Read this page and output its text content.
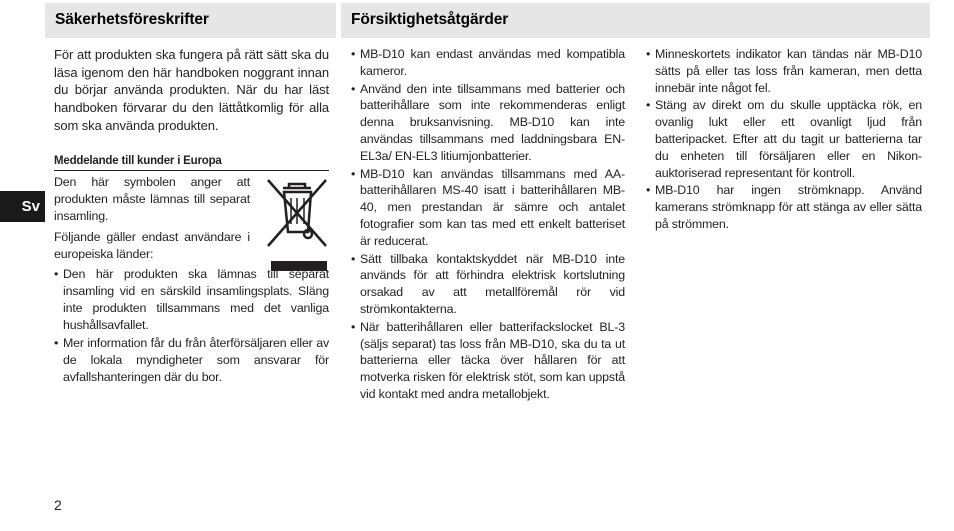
Säkerhetsföreskrifter	Försiktighetsåtgärder
Sv

För att produkten ska fungera på rätt sätt ska du läsa igenom den här handboken noggrant innan du börjar använda produkten. När du har läst handboken förvarar du den lättåtkomlig för alla som ska använda produkten.

Meddelande till kunder i Europa

Den här symbolen anger att produkten måste lämnas till separat insamling.

Följande gäller endast användare i europeiska länder:

• Den här produkten ska lämnas till separat insamling vid en särskild insamlingsplats. Släng inte produkten tillsammans med det vanliga hushållsavfallet.
• Mer information får du från återförsäljaren eller av de lokala myndigheter som ansvarar för avfallshanteringen där du bor.
• MB-D10 kan endast användas med kompatibla kameror.
• Använd den inte tillsammans med batterier och batterihållare som inte rekommenderas enligt denna bruksanvisning. MB-D10 kan inte användas tillsammans med laddningsbara EN-EL3a/ EN-EL3 litiumjonbatterier.
• MB-D10 kan användas tillsammans med AA-batterihållaren MS-40 isatt i batterihållaren MB-40, men prestandan är sämre och antalet fotografier som kan tas med ett enkelt batteriset är reducerat.
• Sätt tillbaka kontaktskyddet när MB-D10 inte används för att förhindra elektrisk kortslutning orsakad av att metallföremål rör vid strömkontakterna.
• När batterihållaren eller batterifackslocket BL-3 (säljs separat) tas loss från MB-D10, ska du ta ut batterierna eller täcka över hållaren för att motverka risken för elektrisk stöt, som kan uppstå vid kontakt med andra metallobjekt.
• Minneskortets indikator kan tändas när MB-D10 sätts på eller tas loss från kameran, men detta innebär inte något fel.
• Stäng av direkt om du skulle upptäcka rök, en ovanlig lukt eller ett ovanligt ljud från batteripacket. Efter att du tagit ur batterierna tar du enheten till försäljaren eller en Nikon-auktoriserad representant för kontroll.
• MB-D10 har ingen strömknapp. Använd kamerans strömknapp för att stänga av eller sätta på strömmen.
2
